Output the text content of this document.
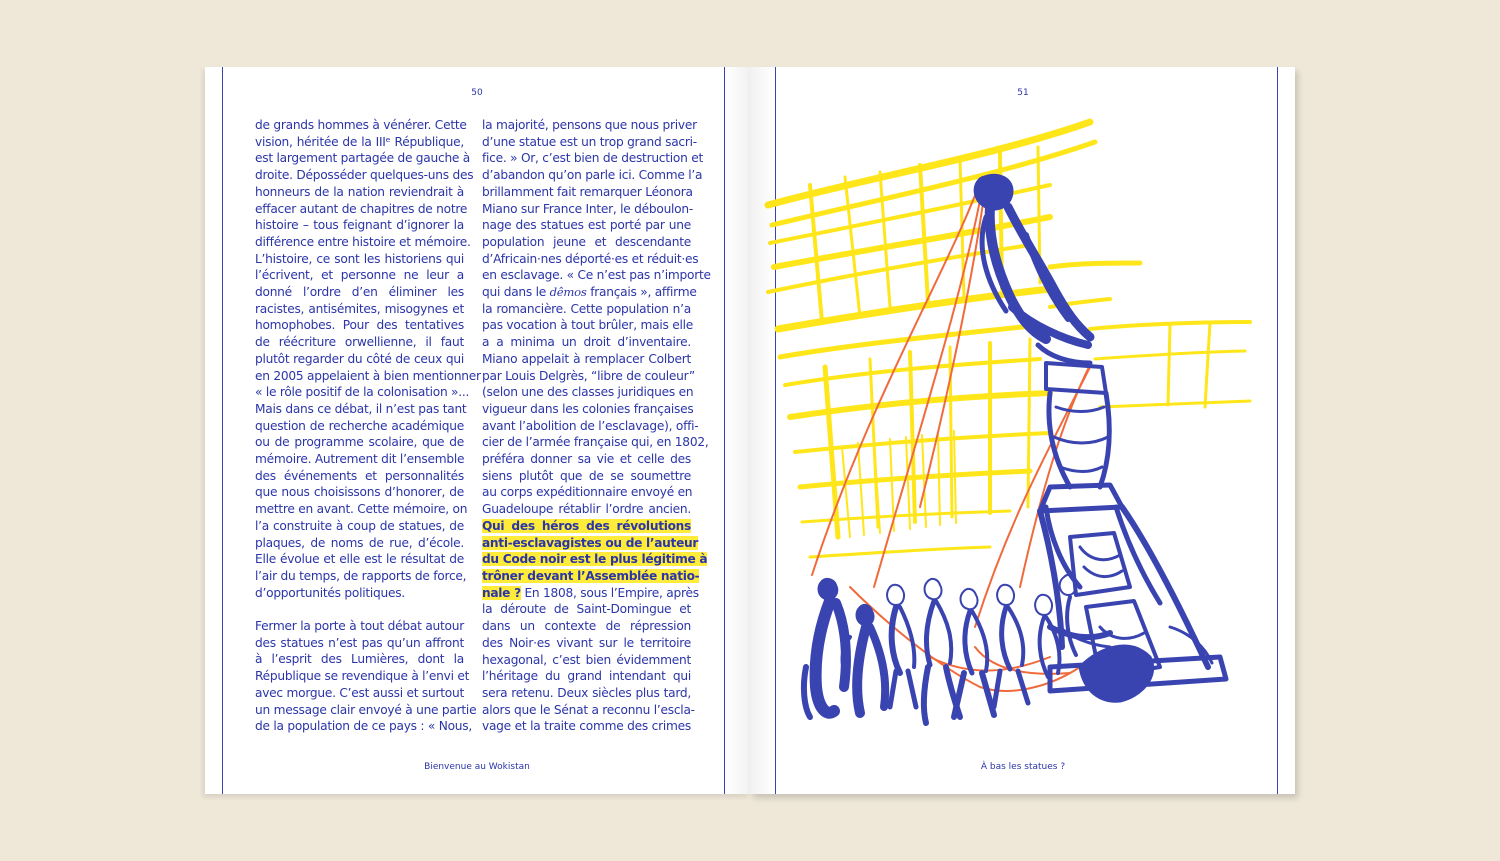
50

de grands hommes à vénérer. Cette
vision, héritée de la IIIᵉ République,
est largement partagée de gauche à
droite. Déposséder quelques-uns des
honneurs de la nation reviendrait à
effacer autant de chapitres de notre
histoire – tous feignant d’ignorer la
différence entre histoire et mémoire.
L’histoire, ce sont les historiens qui
l’écrivent, et personne ne leur a
donné l’ordre d’en éliminer les
racistes, antisémites, misogynes et
homophobes. Pour des tentatives
de réécriture orwellienne, il faut
plutôt regarder du côté de ceux qui
en 2005 appelaient à bien mentionner
« le rôle positif de la colonisation »...
Mais dans ce débat, il n’est pas tant
question de recherche académique
ou de programme scolaire, que de
mémoire. Autrement dit l’ensemble
des événements et personnalités
que nous choisissons d’honorer, de
mettre en avant. Cette mémoire, on
l’a construite à coup de statues, de
plaques, de noms de rue, d’école.
Elle évolue et elle est le résultat de
l’air du temps, de rapports de force,
d’opportunités politiques.

Fermer la porte à tout débat autour
des statues n’est pas qu’un affront
à l’esprit des Lumières, dont la
République se revendique à l’envi et
avec morgue. C’est aussi et surtout
un message clair envoyé à une partie
de la population de ce pays : « Nous,

la majorité, pensons que nous priver
d’une statue est un trop grand sacri-
fice. » Or, c’est bien de destruction et
d’abandon qu’on parle ici. Comme l’a
brillamment fait remarquer Léonora
Miano sur France Inter, le déboulon-
nage des statues est porté par une
population jeune et descendante
d’Africain·nes déporté·es et réduit·es
en esclavage. « Ce n’est pas n’importe
qui dans le dêmos français », affirme
la romancière. Cette population n’a
pas vocation à tout brûler, mais elle
a a minima un droit d’inventaire.
Miano appelait à remplacer Colbert
par Louis Delgrès, “libre de couleur”
(selon une des classes juridiques en
vigueur dans les colonies françaises
avant l’abolition de l’esclavage), offi-
cier de l’armée française qui, en 1802,
préféra donner sa vie et celle des
siens plutôt que de se soumettre
au corps expéditionnaire envoyé en
Guadeloupe rétablir l’ordre ancien.
Qui des héros des révolutions
anti-esclavagistes ou de l’auteur
du Code noir est le plus légitime à
trôner devant l’Assemblée natio-
nale ? En 1808, sous l’Empire, après
la déroute de Saint-Domingue et
dans un contexte de répression
des Noir·es vivant sur le territoire
hexagonal, c’est bien évidemment
l’héritage du grand intendant qui
sera retenu. Deux siècles plus tard,
alors que le Sénat a reconnu l’escla-
vage et la traite comme des crimes

Bienvenue au Wokistan
51
À bas les statues ?
